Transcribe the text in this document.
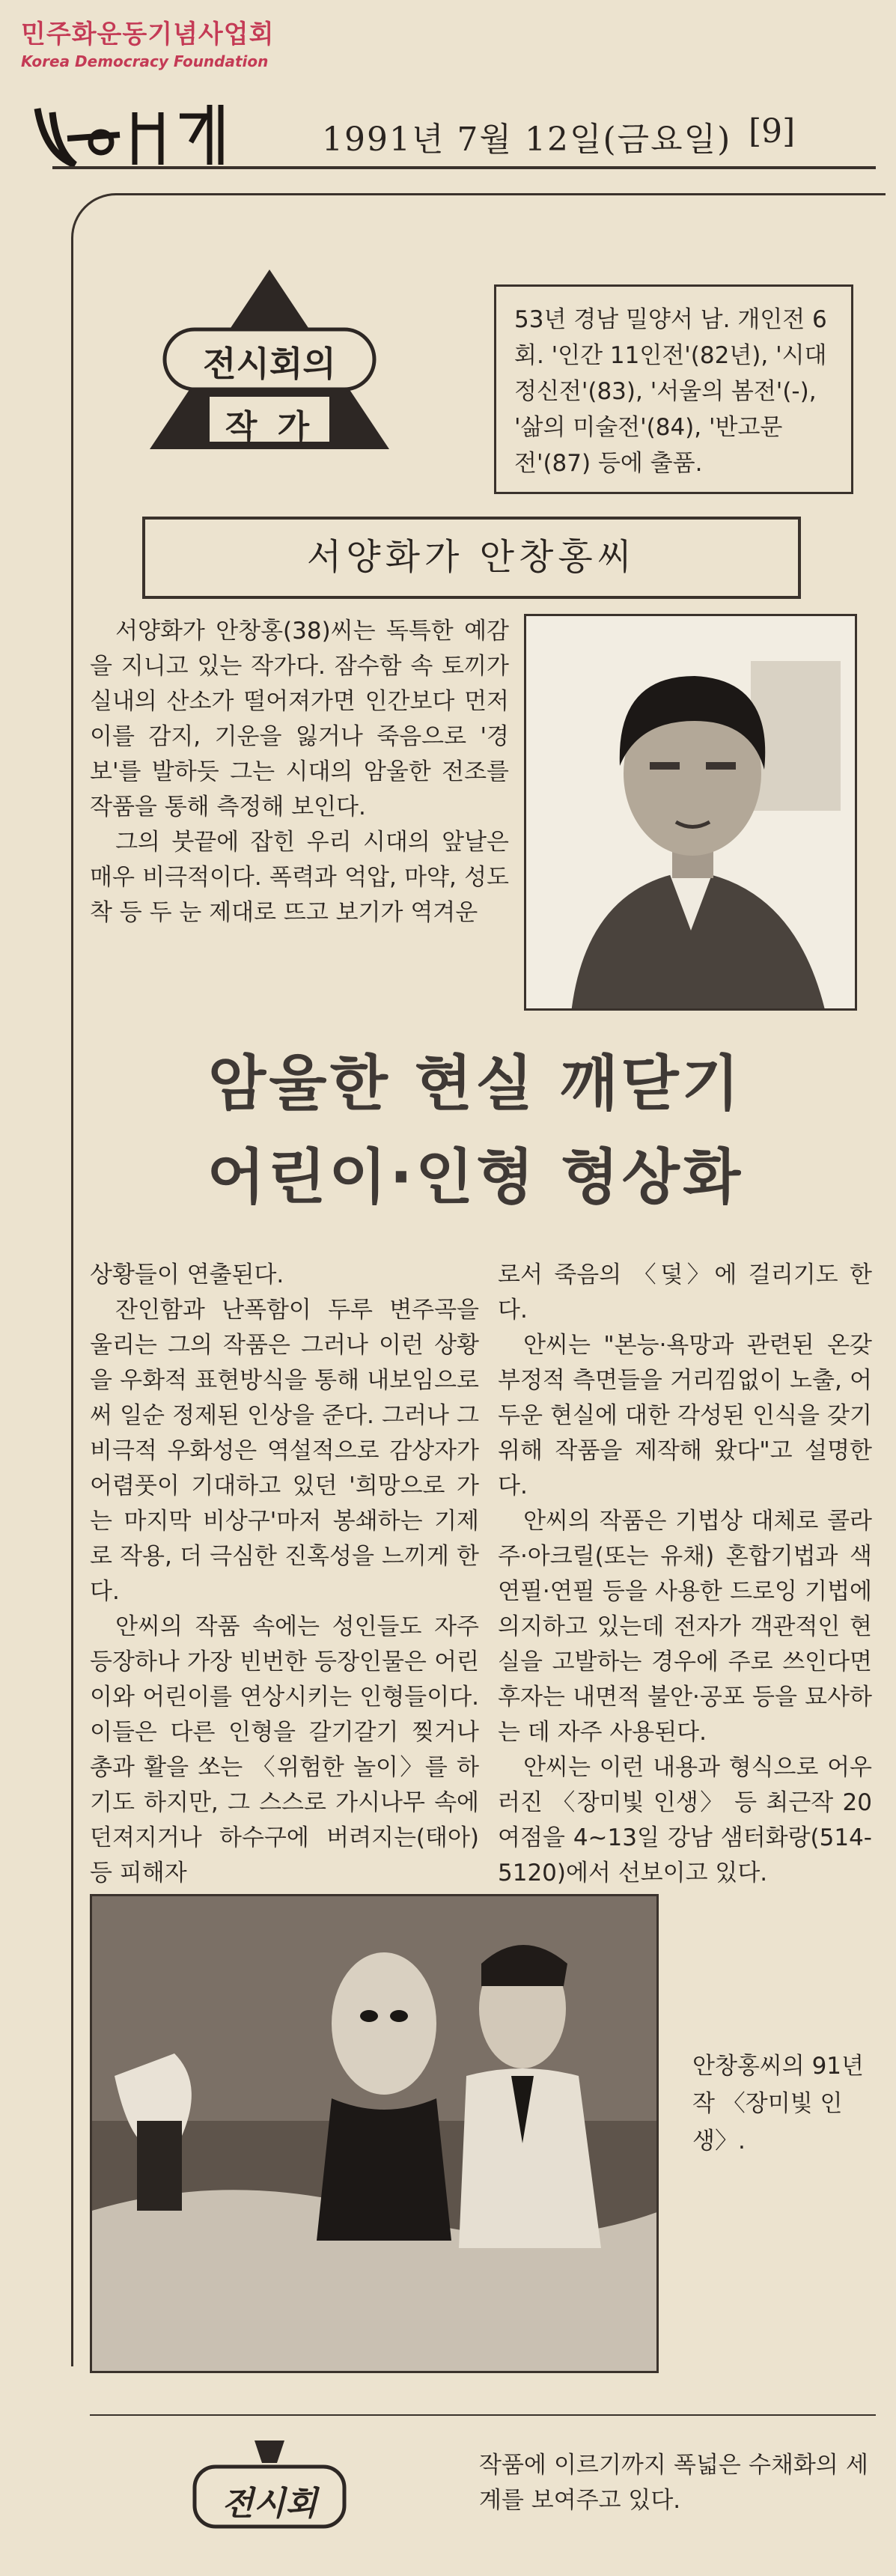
민주화운동기념사업회
Korea Democracy Foundation
1991년 7월 12일(금요일) [9]
전시회의
작 가
53년 경남 밀양서 남. 개인전 6회. '인간 11인전'(82년), '시대정신전'(83), '서울의 봄전'(-), '삶의 미술전'(84), '반고문전'(87) 등에 출품.
서양화가 안창홍씨
서양화가 안창홍(38)씨는 독특한 예감을 지니고 있는 작가다. 잠수함 속 토끼가 실내의 산소가 떨어져가면 인간보다 먼저 이를 감지, 기운을 잃거나 죽음으로 '경보'를 발하듯 그는 시대의 암울한 전조를 작품을 통해 측정해 보인다.
그의 붓끝에 잡힌 우리 시대의 앞날은 매우 비극적이다. 폭력과 억압, 마약, 성도착 등 두 눈 제대로 뜨고 보기가 역겨운
암울한 현실 깨닫기
어린이·인형 형상화
상황들이 연출된다.
잔인함과 난폭함이 두루 변주곡을 울리는 그의 작품은 그러나 이런 상황을 우화적 표현방식을 통해 내보임으로써 일순 정제된 인상을 준다. 그러나 그 비극적 우화성은 역설적으로 감상자가 어렴풋이 기대하고 있던 '희망으로 가는 마지막 비상구'마저 봉쇄하는 기제로 작용, 더 극심한 진혹성을 느끼게 한다.
안씨의 작품 속에는 성인들도 자주 등장하나 가장 빈번한 등장인물은 어린이와 어린이를 연상시키는 인형들이다. 이들은 다른 인형을 갈기갈기 찢거나 총과 활을 쏘는 〈위험한 놀이〉를 하기도 하지만, 그 스스로 가시나무 속에 던져지거나 하수구에 버려지는(태아) 등 피해자
로서 죽음의 〈덫〉에 걸리기도 한다.
안씨는 "본능·욕망과 관련된 온갖 부정적 측면들을 거리낌없이 노출, 어두운 현실에 대한 각성된 인식을 갖기위해 작품을 제작해 왔다"고 설명한다.
안씨의 작품은 기법상 대체로 콜라주·아크릴(또는 유채) 혼합기법과 색연필·연필 등을 사용한 드로잉 기법에 의지하고 있는데 전자가 객관적인 현실을 고발하는 경우에 주로 쓰인다면 후자는 내면적 불안·공포 등을 묘사하는 데 자주 사용된다.
안씨는 이런 내용과 형식으로 어우러진 〈장미빛 인생〉 등 최근작 20여점을 4~13일 강남 샘터화랑(514-5120)에서 선보이고 있다.
안창홍씨의 91년 작 〈장미빛 인생〉.
전시회
작품에 이르기까지 폭넓은 수채화의 세계를 보여주고 있다.
